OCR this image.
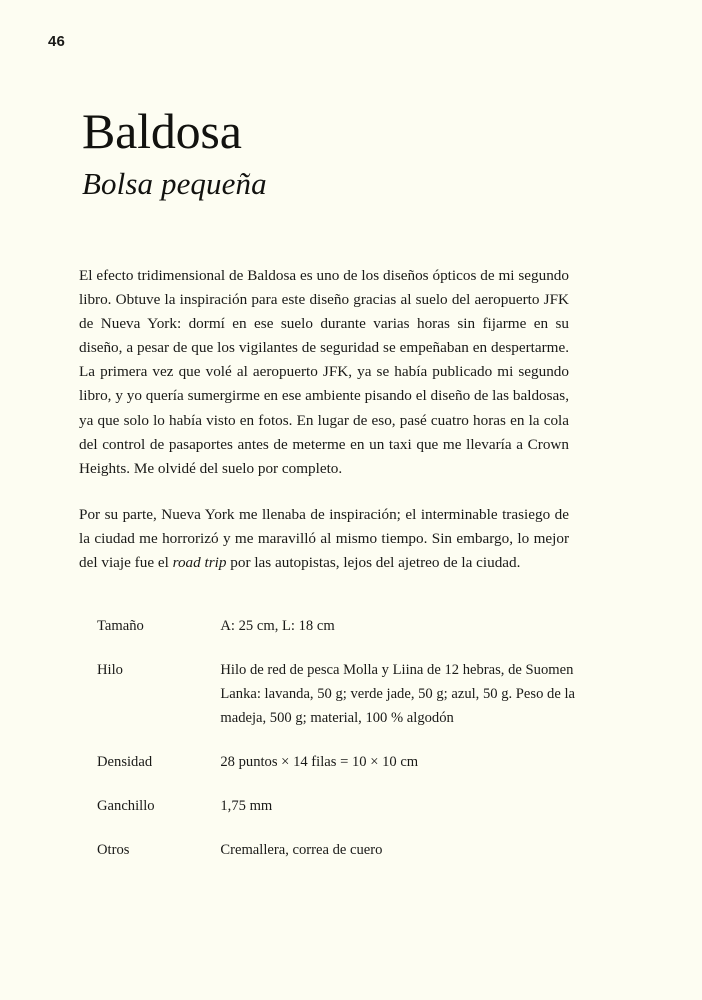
46
Baldosa
Bolsa pequeña

El efecto tridimensional de Baldosa es uno de los diseños ópticos de mi segundo libro. Obtuve la inspiración para este diseño gracias al suelo del aeropuerto JFK de Nueva York: dormí en ese suelo durante varias horas sin fijarme en su diseño, a pesar de que los vigilantes de seguridad se empeñaban en despertarme. La primera vez que volé al aeropuerto JFK, ya se había publicado mi segundo libro, y yo quería sumergirme en ese ambiente pisando el diseño de las baldosas, ya que solo lo había visto en fotos. En lugar de eso, pasé cuatro horas en la cola del control de pasaportes antes de meterme en un taxi que me llevaría a Crown Heights. Me olvidé del suelo por completo.

Por su parte, Nueva York me llenaba de inspiración; el interminable trasiego de la ciudad me horrorizó y me maravilló al mismo tiempo. Sin embargo, lo mejor del viaje fue el road trip por las autopistas, lejos del ajetreo de la ciudad.

Tamaño	A: 25 cm, L: 18 cm
Hilo	Hilo de red de pesca Molla y Liina de 12 hebras, de Suomen Lanka: lavanda, 50 g; verde jade, 50 g; azul, 50 g. Peso de la madeja, 500 g; material, 100 % algodón
Densidad	28 puntos × 14 filas = 10 × 10 cm
Ganchillo	1,75 mm
Otros	Cremallera, correa de cuero
